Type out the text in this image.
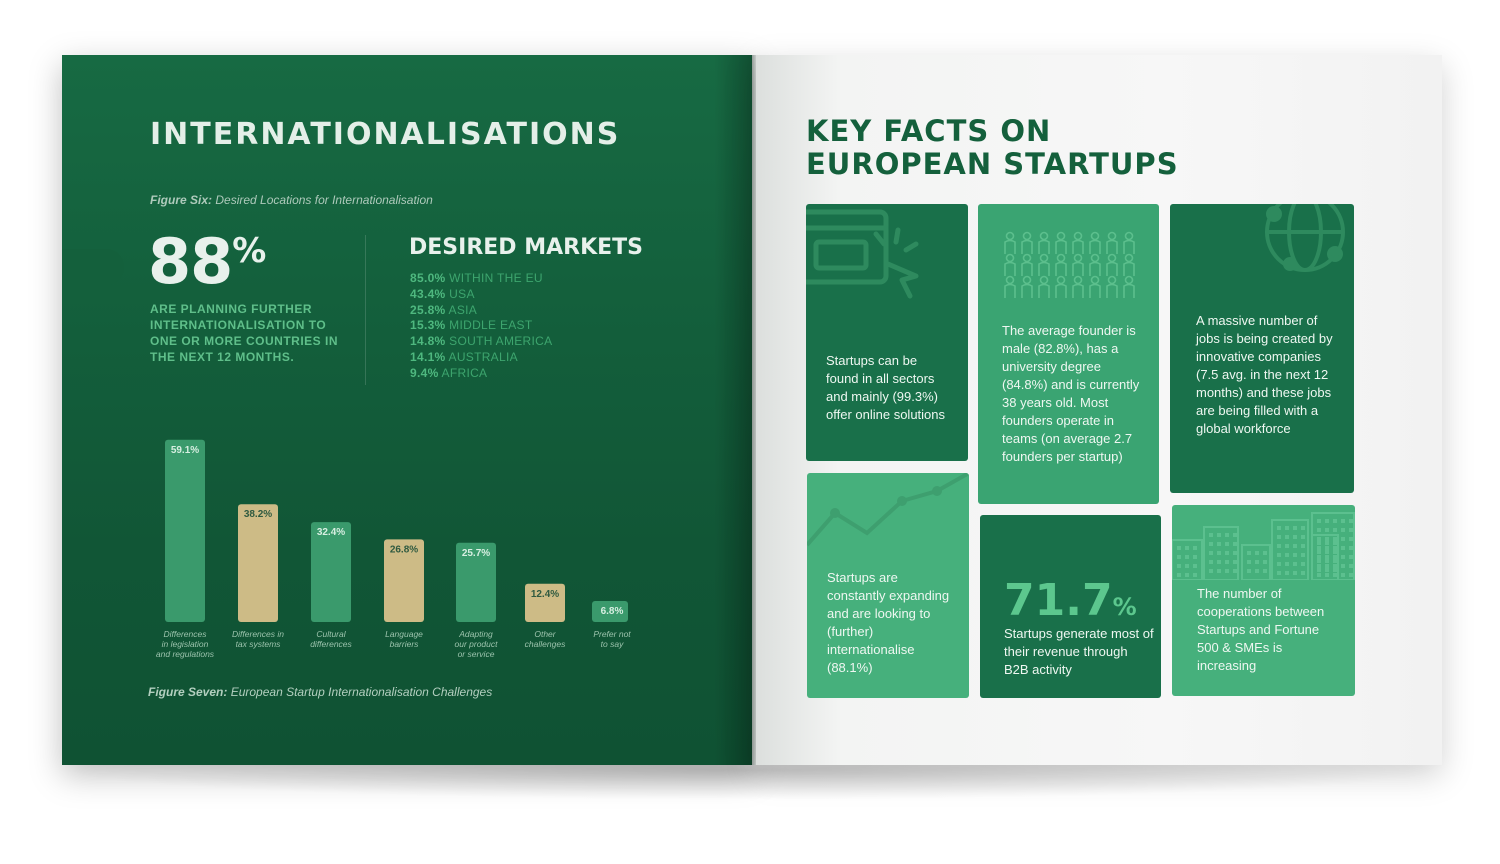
INTERNATIONALISATIONS
Figure Six: Desired Locations for Internationalisation
88%
ARE PLANNING FURTHER INTERNATIONALISATION TO ONE OR MORE COUNTRIES IN THE NEXT 12 MONTHS.
DESIRED MARKETS
85.0% WITHIN THE EU
43.4% USA
25.8% ASIA
15.3% MIDDLE EAST
14.8% SOUTH AMERICA
14.1% AUSTRALIA
9.4% AFRICA
59.1%
Differences
in legislation
and regulations
38.2%
Differences in
tax systems
32.4%
Cultural
differences
26.8%
Language
barriers
25.7%
Adapting
our product
or service
12.4%
Other
challenges
6.8%
Prefer not
to say
Figure Seven: European Startup Internationalisation Challenges
KEY FACTS ON
EUROPEAN STARTUPS
Startups can be found in all sectors and mainly (99.3%) offer online solutions
The average founder is male (82.8%), has a university degree (84.8%) and is currently 38 years old. Most founders operate in teams (on average 2.7 founders per startup)
A massive number of jobs is being created by innovative companies (7.5 avg. in the next 12 months) and these jobs are being filled with a global workforce
Startups are constantly expanding and are looking to (further) internationalise (88.1%)
71.7%
Startups generate most of their revenue through B2B activity
The number of cooperations between Startups and Fortune 500 & SMEs is increasing
